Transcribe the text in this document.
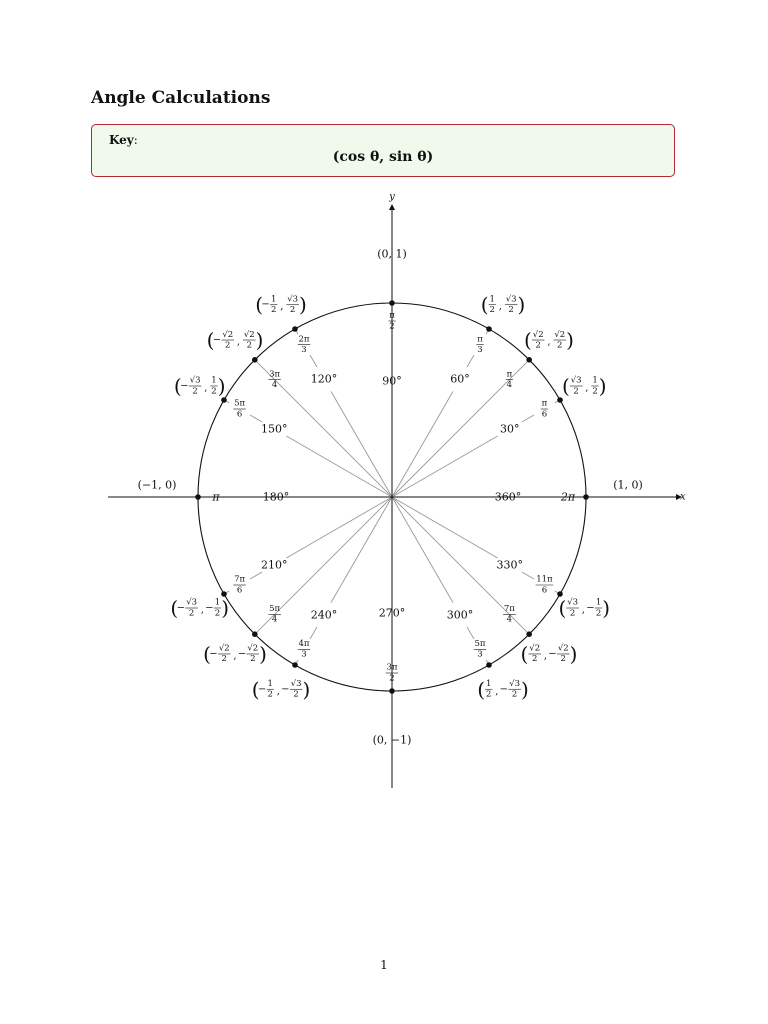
Angle Calculations
Key:
(cos θ, sin θ)
x
y
30°
π
6
π
4
60°
π
3
90°
π
2
120°
2π
3
3π
4
150°
5π
6
180°
π
210°
7π
6
5π
4	240°
4π
3
270°
3π
2
300°
5π
3
7π
4
330°
11π
6
360°	2π
(1, 0)
( √3
2 ,
1
2 )
( √2
2 ,
√2
2 )
( 1
2 ,
√3
2 )
(0, 1)
(
− 1
2 ,
√3
2 )
(
− √2
2 ,
√2
2 )
(
− √3
2 ,
1
2 )
(−1, 0)
(
− √3
2 , − 1
2 )
(
− √2
2 , − √2
2 )
(
− 1
2 , − √3
2 )
(0, −1)
( 1
2 , − √3
2 )
( √2
2 , − √2
2 )
( √3
2 , − 1
2 )
1
